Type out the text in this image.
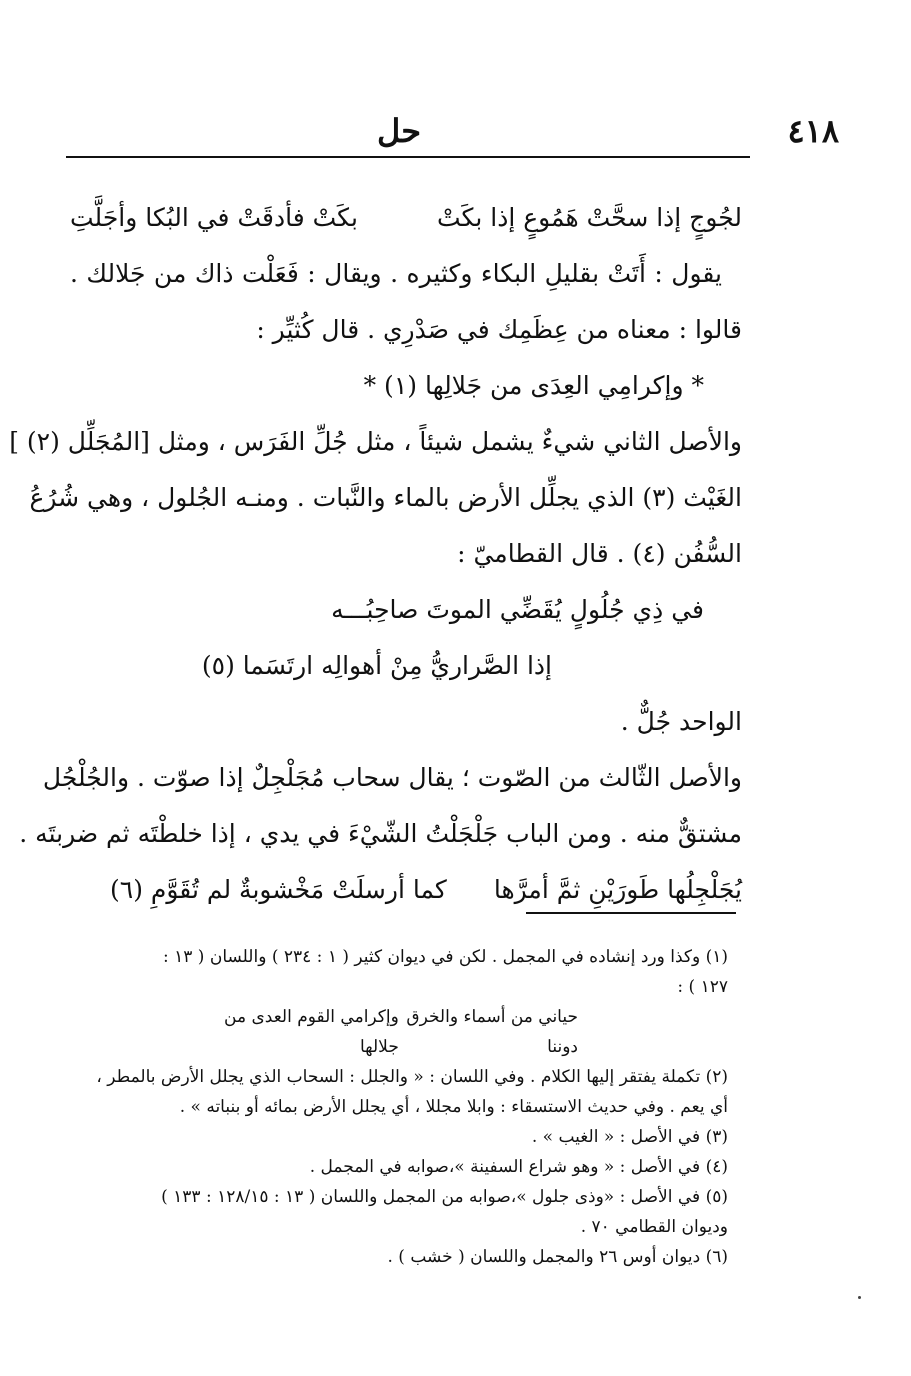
٤١٨
حل
لجُوجٍ إذا سحَّتْ هَمُوعٍ إذا بكَتْ
بكَتْ فأدقَتْ في البُكا وأجَلَّتِ
يقول : أَتَتْ بقليلِ البكاء وكثيره . ويقال : فَعَلْت ذاك من جَلالك .
قالوا : معناه من عِظَمِك في صَدْرِي . قال كُثيِّر :
* وإكرامِي العِدَى من جَلالِها (١) *
والأصل الثاني شيءٌ يشمل شيئاً ، مثل جُلِّ الفَرَس ، ومثل [المُجَلِّل (٢) ]
الغَيْث (٣) الذي يجلِّل الأرض بالماء والنَّبات . ومنـه الجُلول ، وهي شُرُعُ
السُّفُن (٤) . قال القطاميّ :
في ذِي جُلُولٍ يُقَضِّي الموتَ صاحِبُـــه
إذا الصَّراريُّ مِنْ أهوالِه ارتَسَما (٥)
الواحد جُلٌّ .
والأصل الثّالث من الصّوت ؛ يقال سحاب مُجَلْجِلٌ إذا صوّت . والجُلْجُل
مشتقٌّ منه . ومن الباب جَلْجَلْتُ الشّيْءَ في يدي ، إذا خلطْتَه ثم ضربتَه .
يُجَلْجِلُها طَورَيْنِ ثمَّ أمرَّها
كما أرسلَتْ مَخْشوبةٌ لم تُقَوَّمِ (٦)
(١) وكذا ورد إنشاده في المجمل . لكن في ديوان كثير ( ١ : ٢٣٤ ) واللسان ( ١٣ :
١٢٧ ) :
حياني من أسماء والخرق دوننا
وإكرامي القوم العدى من جلالها
(٢) تكملة يفتقر إليها الكلام . وفي اللسان : « والجلل : السحاب الذي يجلل الأرض بالمطر ،
أي يعم . وفي حديث الاستسقاء : وابلا مجللا ، أي يجلل الأرض بمائه أو بنباته » .
(٣) في الأصل : « الغيب » .
(٤) في الأصل : « وهو شراع السفينة »،صوابه في المجمل .
(٥) في الأصل : «وذى جلول »،صوابه من المجمل واللسان ( ١٣ : ١٢٨/١٥ : ١٣٣ )
وديوان القطامي ٧٠ .
(٦) ديوان أوس ٢٦ والمجمل واللسان ( خشب ) .
